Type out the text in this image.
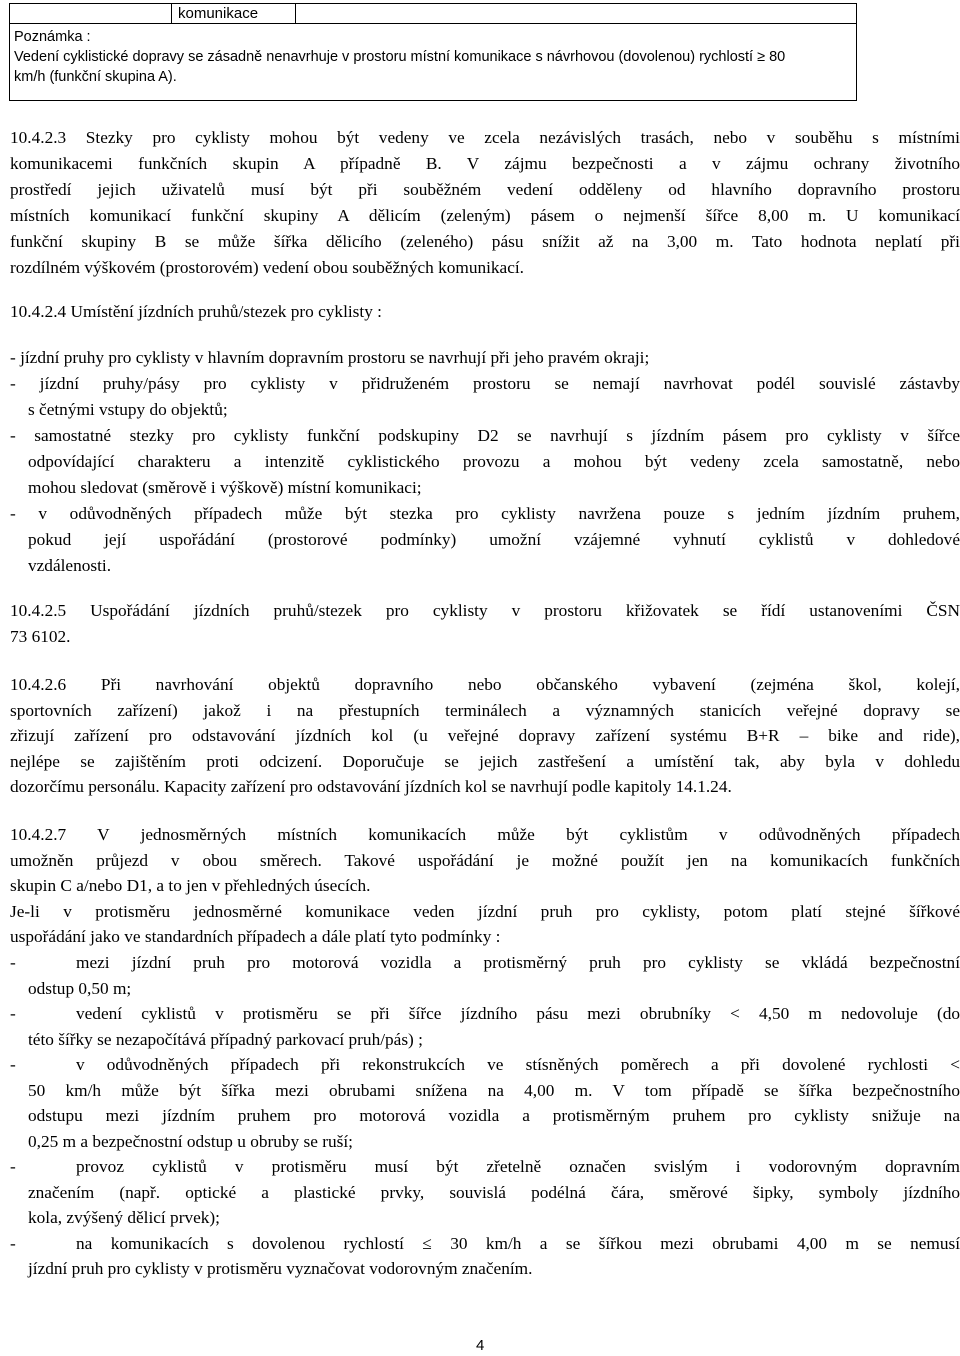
komunikace
Poznámka :
Vedení cyklistické dopravy se zásadně nenavrhuje v prostoru místní komunikace s návrhovou (dovolenou) rychlostí ≥ 80
km/h (funkční skupina A).
10.4.2.3 Stezky pro cyklisty mohou být vedeny ve zcela nezávislých trasách, nebo v souběhu s místními
komunikacemi funkčních skupin A případně B. V zájmu bezpečnosti a v zájmu ochrany životního
prostředí jejich uživatelů musí být při souběžném vedení odděleny od hlavního dopravního prostoru
místních komunikací funkční skupiny A dělicím (zeleným) pásem o nejmenší šířce 8,00 m. U komunikací
funkční skupiny B se může šířka dělicího (zeleného) pásu snížit až na 3,00 m. Tato hodnota neplatí při
rozdílném výškovém (prostorovém) vedení obou souběžných komunikací.
10.4.2.4 Umístění jízdních pruhů/stezek pro cyklisty :
- jízdní pruhy pro cyklisty v hlavním dopravním prostoru se navrhují při jeho pravém okraji;
- jízdní pruhy/pásy pro cyklisty v přidruženém prostoru se nemají navrhovat podél souvislé zástavby
s četnými vstupy do objektů;
- samostatné stezky pro cyklisty funkční podskupiny D2 se navrhují s jízdním pásem pro cyklisty v šířce
odpovídající charakteru a intenzitě cyklistického provozu a mohou být vedeny zcela samostatně, nebo
mohou sledovat (směrově i výškově) místní komunikaci;
- v odůvodněných případech může být stezka pro cyklisty navržena pouze s jedním jízdním pruhem,
pokud její uspořádání (prostorové podmínky) umožní vzájemné vyhnutí cyklistů v dohledové
vzdálenosti.
10.4.2.5 Uspořádání jízdních pruhů/stezek pro cyklisty v prostoru křižovatek se řídí ustanoveními ČSN
73 6102.
10.4.2.6 Při navrhování objektů dopravního nebo občanského vybavení (zejména škol, kolejí,
sportovních zařízení) jakož i na přestupních terminálech a významných stanicích veřejné dopravy se
zřizují zařízení pro odstavování jízdních kol (u veřejné dopravy zařízení systému B+R – bike and ride),
nejlépe se zajištěním proti odcizení. Doporučuje se jejich zastřešení a umístění tak, aby byla v dohledu
dozorčímu personálu. Kapacity zařízení pro odstavování jízdních kol se navrhují podle kapitoly 14.1.24.
10.4.2.7 V jednosměrných místních komunikacích může být cyklistům v odůvodněných případech
umožněn průjezd v obou směrech. Takové uspořádání je možné použít jen na komunikacích funkčních
skupin C a/nebo D1, a to jen v přehledných úsecích.
Je-li v protisměru jednosměrné komunikace veden jízdní pruh pro cyklisty, potom platí stejné šířkové
uspořádání jako ve standardních případech a dále platí tyto podmínky :
-	mezi jízdní pruh pro motorová vozidla a protisměrný pruh pro cyklisty se vkládá bezpečnostní
odstup 0,50 m;
-	vedení cyklistů v protisměru se při šířce jízdního pásu mezi obrubníky < 4,50 m nedovoluje (do
této šířky se nezapočítává případný parkovací pruh/pás) ;
-	v odůvodněných případech při rekonstrukcích ve stísněných poměrech a při dovolené rychlosti <
50 km/h může být šířka mezi obrubami snížena na 4,00 m. V tom případě se šířka bezpečnostního
odstupu mezi jízdním pruhem pro motorová vozidla a protisměrným pruhem pro cyklisty snižuje na
0,25 m a bezpečnostní odstup u obruby se ruší;
-	provoz cyklistů v protisměru musí být zřetelně označen svislým i vodorovným dopravním
značením (např. optické a plastické prvky, souvislá podélná čára, směrové šipky, symboly jízdního
kola, zvýšený dělicí prvek);
-	na komunikacích s dovolenou rychlostí ≤ 30 km/h a se šířkou mezi obrubami 4,00 m se nemusí
jízdní pruh pro cyklisty v protisměru vyznačovat vodorovným značením.
4
